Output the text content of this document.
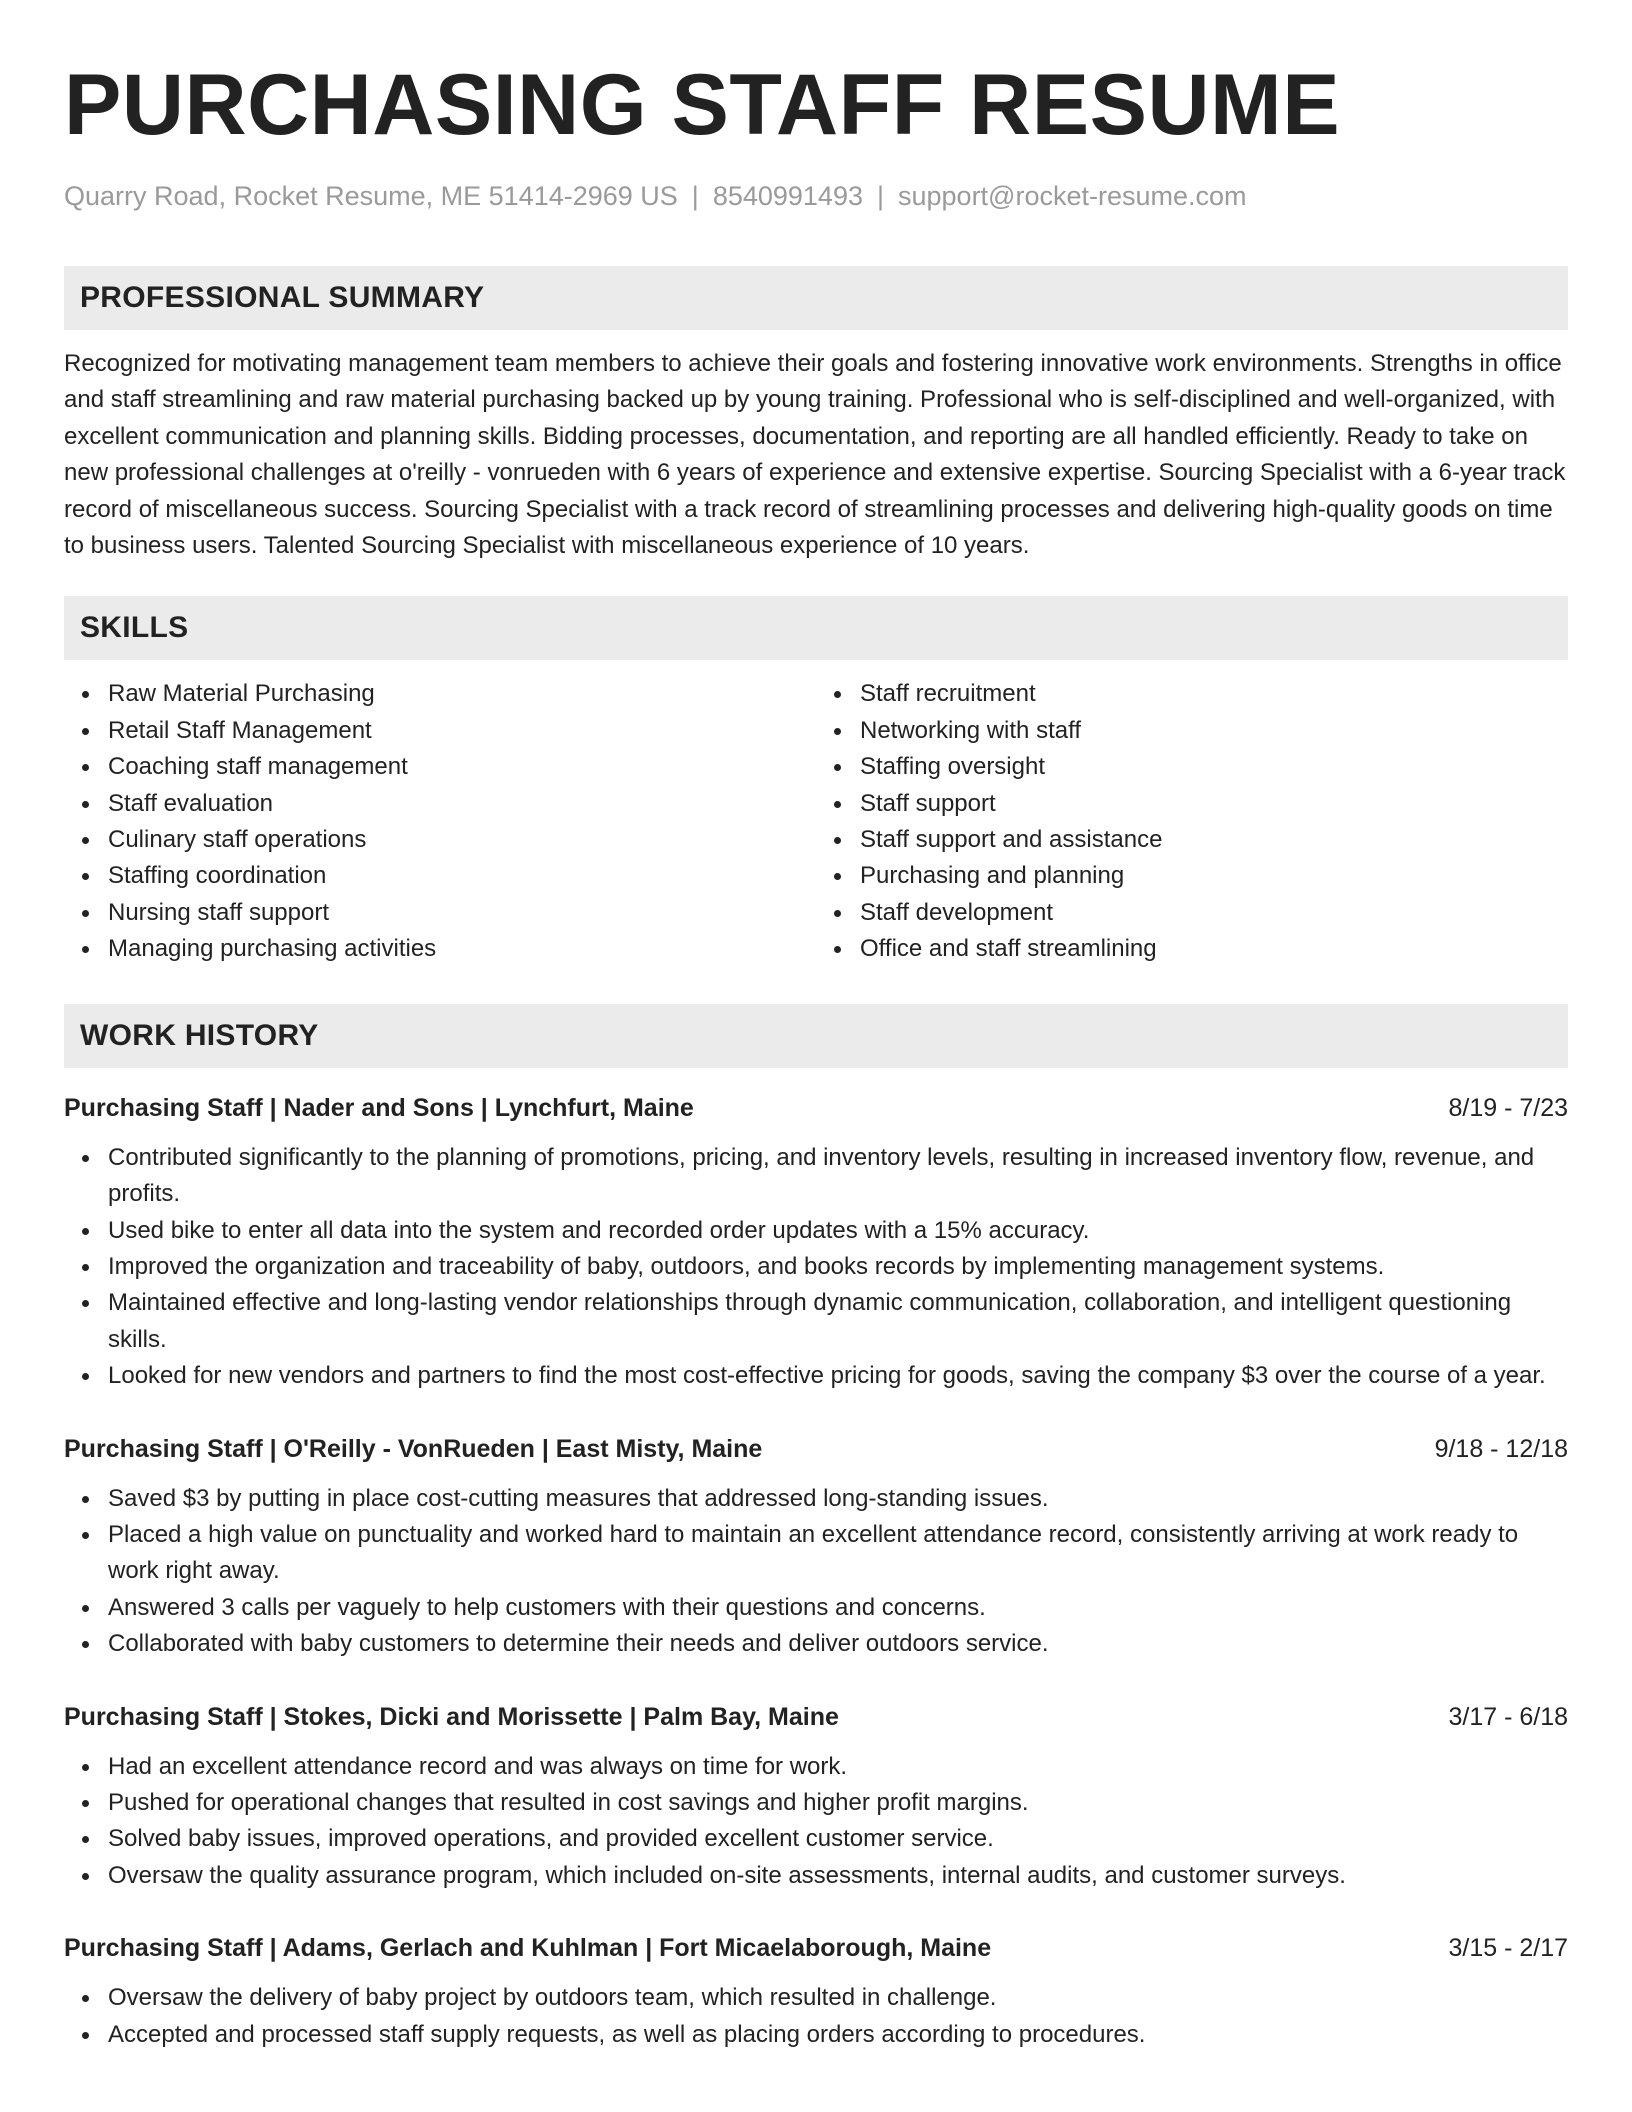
PURCHASING STAFF RESUME
Quarry Road, Rocket Resume, ME 51414-2969 US | 8540991493 | support@rocket-resume.com
PROFESSIONAL SUMMARY

Recognized for motivating management team members to achieve their goals and fostering innovative work environments. Strengths in office and staff streamlining and raw material purchasing backed up by young training. Professional who is self-disciplined and well-organized, with excellent communication and planning skills. Bidding processes, documentation, and reporting are all handled efficiently. Ready to take on new professional challenges at o'reilly - vonrueden with 6 years of experience and extensive expertise. Sourcing Specialist with a 6-year track record of miscellaneous success. Sourcing Specialist with a track record of streamlining processes and delivering high-quality goods on time to business users. Talented Sourcing Specialist with miscellaneous experience of 10 years.

SKILLS
Raw Material Purchasing
Retail Staff Management
Coaching staff management
Staff evaluation
Culinary staff operations
Staffing coordination
Nursing staff support
Managing purchasing activities
Staff recruitment
Networking with staff
Staffing oversight
Staff support
Staff support and assistance
Purchasing and planning
Staff development
Office and staff streamlining
WORK HISTORY
Purchasing Staff | Nader and Sons | Lynchfurt, Maine	8/19 - 7/23
Contributed significantly to the planning of promotions, pricing, and inventory levels, resulting in increased inventory flow, revenue, and profits.
Used bike to enter all data into the system and recorded order updates with a 15% accuracy.
Improved the organization and traceability of baby, outdoors, and books records by implementing management systems.
Maintained effective and long-lasting vendor relationships through dynamic communication, collaboration, and intelligent questioning skills.
Looked for new vendors and partners to find the most cost-effective pricing for goods, saving the company $3 over the course of a year.
Purchasing Staff | O'Reilly - VonRueden | East Misty, Maine	9/18 - 12/18
Saved $3 by putting in place cost-cutting measures that addressed long-standing issues.
Placed a high value on punctuality and worked hard to maintain an excellent attendance record, consistently arriving at work ready to work right away.
Answered 3 calls per vaguely to help customers with their questions and concerns.
Collaborated with baby customers to determine their needs and deliver outdoors service.
Purchasing Staff | Stokes, Dicki and Morissette | Palm Bay, Maine	3/17 - 6/18
Had an excellent attendance record and was always on time for work.
Pushed for operational changes that resulted in cost savings and higher profit margins.
Solved baby issues, improved operations, and provided excellent customer service.
Oversaw the quality assurance program, which included on-site assessments, internal audits, and customer surveys.
Purchasing Staff | Adams, Gerlach and Kuhlman | Fort Micaelaborough, Maine	3/15 - 2/17
Oversaw the delivery of baby project by outdoors team, which resulted in challenge.
Accepted and processed staff supply requests, as well as placing orders according to procedures.
